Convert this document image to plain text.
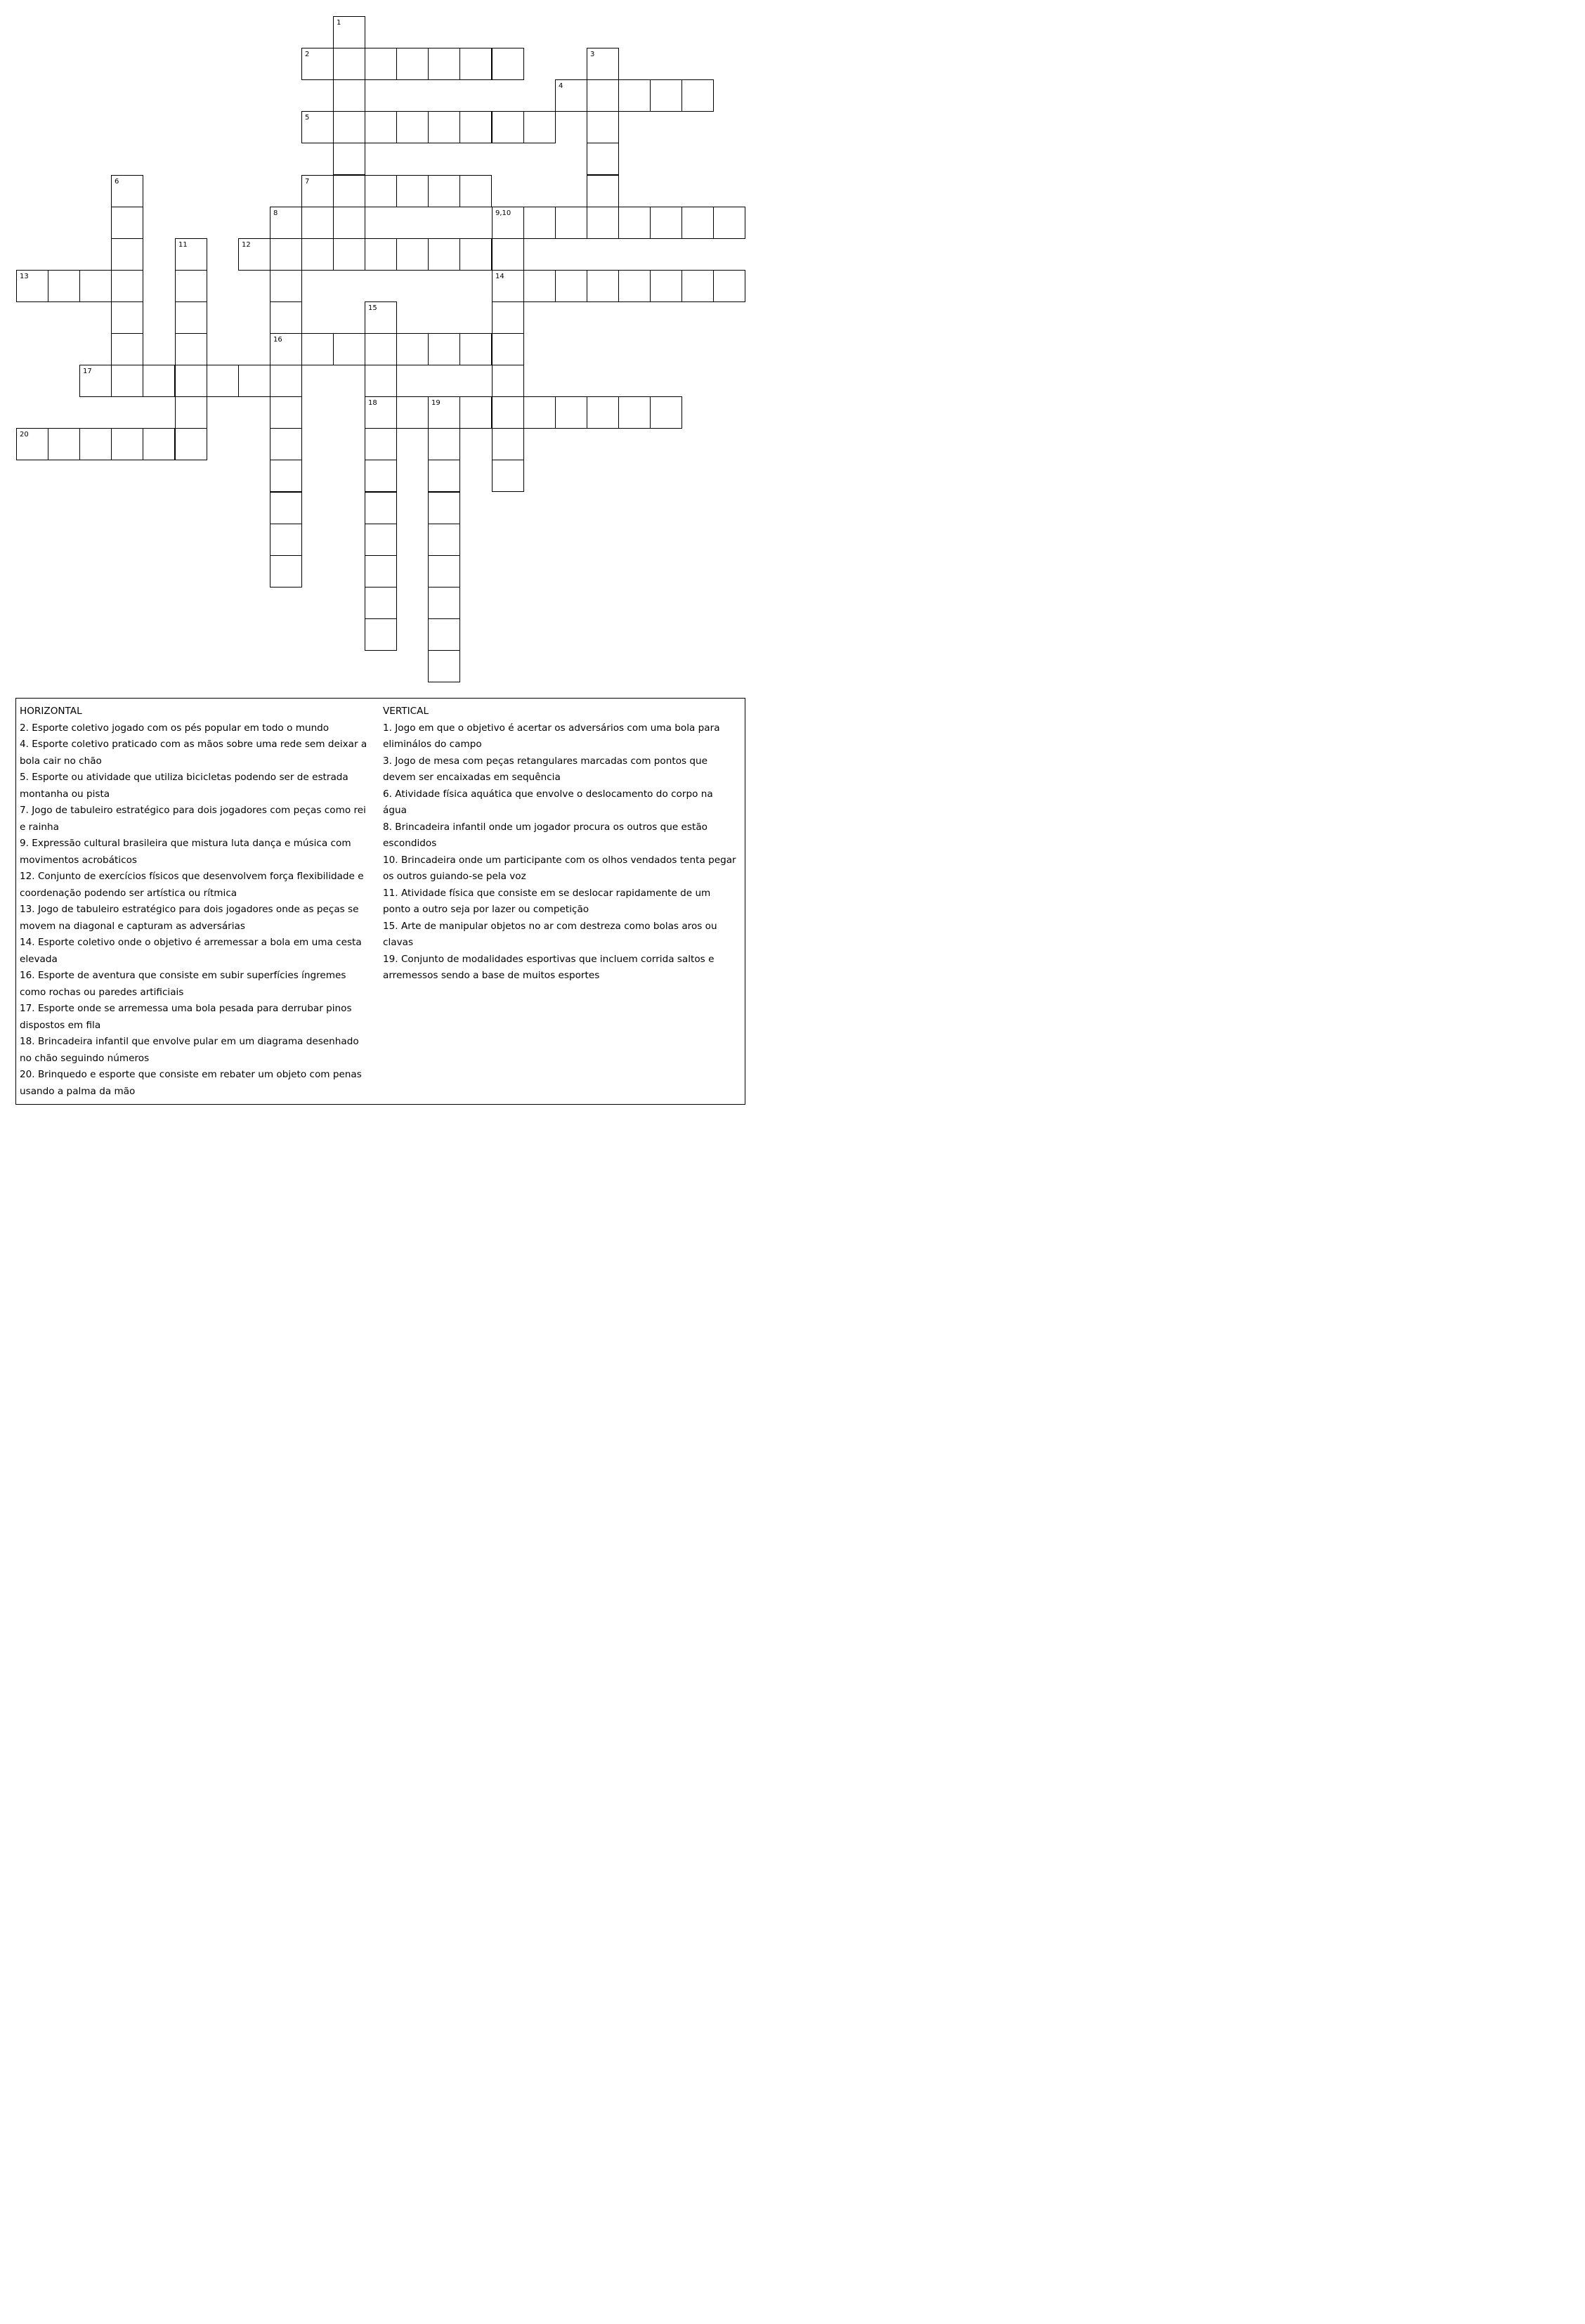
1
2	3
4
5
6	7
8	9,10
11	12
13	14
15
16
17
18	19
20
HORIZONTAL
2. Esporte coletivo jogado com os pés popular em todo o mundo
4. Esporte coletivo praticado com as mãos sobre uma rede sem deixar a bola cair no chão
5. Esporte ou atividade que utiliza bicicletas podendo ser de estrada montanha ou pista
7. Jogo de tabuleiro estratégico para dois jogadores com peças como rei e rainha
9. Expressão cultural brasileira que mistura luta dança e música com movimentos acrobáticos
12. Conjunto de exercícios físicos que desenvolvem força flexibilidade e coordenação podendo ser artística ou rítmica
13. Jogo de tabuleiro estratégico para dois jogadores onde as peças se movem na diagonal e capturam as adversárias
14. Esporte coletivo onde o objetivo é arremessar a bola em uma cesta elevada
16. Esporte de aventura que consiste em subir superfícies íngremes como rochas ou paredes artificiais
17. Esporte onde se arremessa uma bola pesada para derrubar pinos dispostos em fila
18. Brincadeira infantil que envolve pular em um diagrama desenhado no chão seguindo números
20. Brinquedo e esporte que consiste em rebater um objeto com penas usando a palma da mão
VERTICAL
1. Jogo em que o objetivo é acertar os adversários com uma bola para eliminálos do campo
3. Jogo de mesa com peças retangulares marcadas com pontos que devem ser encaixadas em sequência
6. Atividade física aquática que envolve o deslocamento do corpo na água
8. Brincadeira infantil onde um jogador procura os outros que estão escondidos
10. Brincadeira onde um participante com os olhos vendados tenta pegar os outros guiando-se pela voz
11. Atividade física que consiste em se deslocar rapidamente de um ponto a outro seja por lazer ou competição
15. Arte de manipular objetos no ar com destreza como bolas aros ou clavas
19. Conjunto de modalidades esportivas que incluem corrida saltos e arremessos sendo a base de muitos esportes
